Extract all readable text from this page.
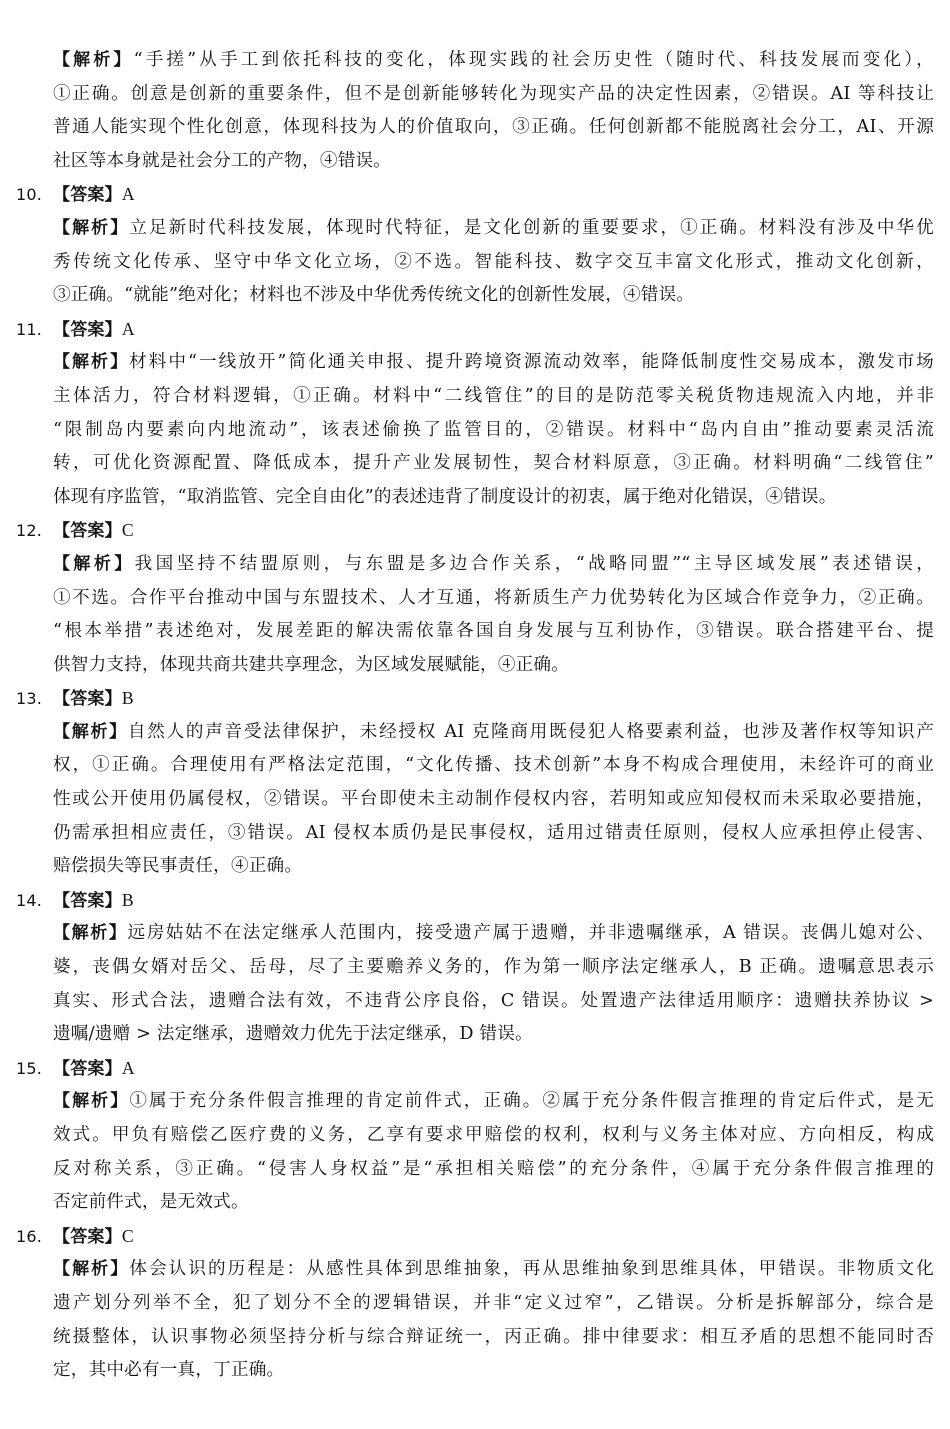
【解析】“手搓”从手工到依托科技的变化，体现实践的社会历史性（随时代、科技发展而变化），
①正确。创意是创新的重要条件，但不是创新能够转化为现实产品的决定性因素，②错误。AI 等科技让
普通人能实现个性化创意，体现科技为人的价值取向，③正确。任何创新都不能脱离社会分工，AI、开源
社区等本身就是社会分工的产物，④错误。
10. 【答案】A
【解析】立足新时代科技发展，体现时代特征，是文化创新的重要要求，①正确。材料没有涉及中华优
秀传统文化传承、坚守中华文化立场，②不选。智能科技、数字交互丰富文化形式，推动文化创新，
③正确。“就能”绝对化；材料也不涉及中华优秀传统文化的创新性发展，④错误。
11. 【答案】A
【解析】材料中“一线放开”简化通关申报、提升跨境资源流动效率，能降低制度性交易成本，激发市场
主体活力，符合材料逻辑，①正确。材料中“二线管住”的目的是防范零关税货物违规流入内地，并非
“限制岛内要素向内地流动”，该表述偷换了监管目的，②错误。材料中“岛内自由”推动要素灵活流
转，可优化资源配置、降低成本，提升产业发展韧性，契合材料原意，③正确。材料明确“二线管住”
体现有序监管，“取消监管、完全自由化”的表述违背了制度设计的初衷，属于绝对化错误，④错误。
12. 【答案】C
【解析】我国坚持不结盟原则，与东盟是多边合作关系，“战略同盟”“主导区域发展”表述错误，
①不选。合作平台推动中国与东盟技术、人才互通，将新质生产力优势转化为区域合作竞争力，②正确。
“根本举措”表述绝对，发展差距的解决需依靠各国自身发展与互利协作，③错误。联合搭建平台、提
供智力支持，体现共商共建共享理念，为区域发展赋能，④正确。
13. 【答案】B
【解析】自然人的声音受法律保护，未经授权 AI 克隆商用既侵犯人格要素利益，也涉及著作权等知识产
权，①正确。合理使用有严格法定范围，“文化传播、技术创新”本身不构成合理使用，未经许可的商业
性或公开使用仍属侵权，②错误。平台即使未主动制作侵权内容，若明知或应知侵权而未采取必要措施，
仍需承担相应责任，③错误。AI 侵权本质仍是民事侵权，适用过错责任原则，侵权人应承担停止侵害、
赔偿损失等民事责任，④正确。
14. 【答案】B
【解析】远房姑姑不在法定继承人范围内，接受遗产属于遗赠，并非遗嘱继承，A 错误。丧偶儿媳对公、
婆，丧偶女婿对岳父、岳母，尽了主要赡养义务的，作为第一顺序法定继承人，B 正确。遗嘱意思表示
真实、形式合法，遗赠合法有效，不违背公序良俗，C 错误。处置遗产法律适用顺序：遗赠扶养协议 >
遗嘱/遗赠 > 法定继承，遗赠效力优先于法定继承，D 错误。
15. 【答案】A
【解析】①属于充分条件假言推理的肯定前件式，正确。②属于充分条件假言推理的肯定后件式，是无
效式。甲负有赔偿乙医疗费的义务，乙享有要求甲赔偿的权利，权利与义务主体对应、方向相反，构成
反对称关系，③正确。“侵害人身权益”是“承担相关赔偿”的充分条件，④属于充分条件假言推理的
否定前件式，是无效式。
16. 【答案】C
【解析】体会认识的历程是：从感性具体到思维抽象，再从思维抽象到思维具体，甲错误。非物质文化
遗产划分列举不全，犯了划分不全的逻辑错误，并非“定义过窄”，乙错误。分析是拆解部分，综合是
统摄整体，认识事物必须坚持分析与综合辩证统一，丙正确。排中律要求：相互矛盾的思想不能同时否
定，其中必有一真，丁正确。
